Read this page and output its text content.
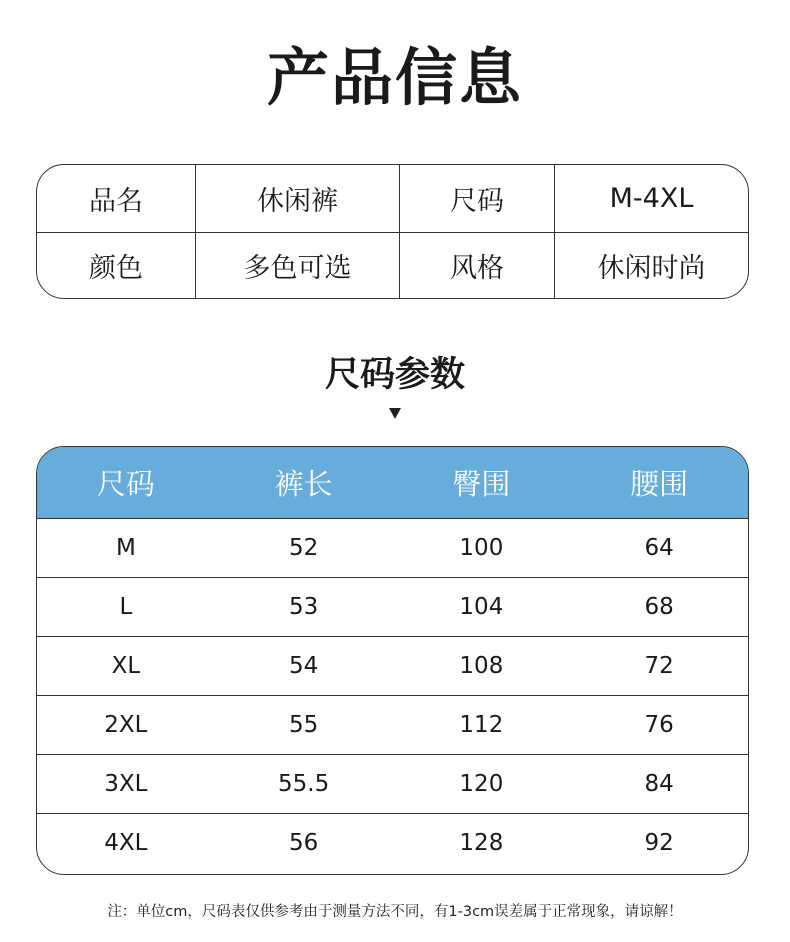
产品信息
品名	休闲裤	尺码	M-4XL
颜色	多色可选	风格	休闲时尚
尺码参数
尺码	裤长	臀围	腰围
M	52	100	64
L	53	104	68
XL	54	108	72
2XL	55	112	76
3XL	55.5	120	84
4XL	56	128	92
注：单位cm，尺码表仅供参考由于测量方法不同，有1-3cm误差属于正常现象，请谅解！
